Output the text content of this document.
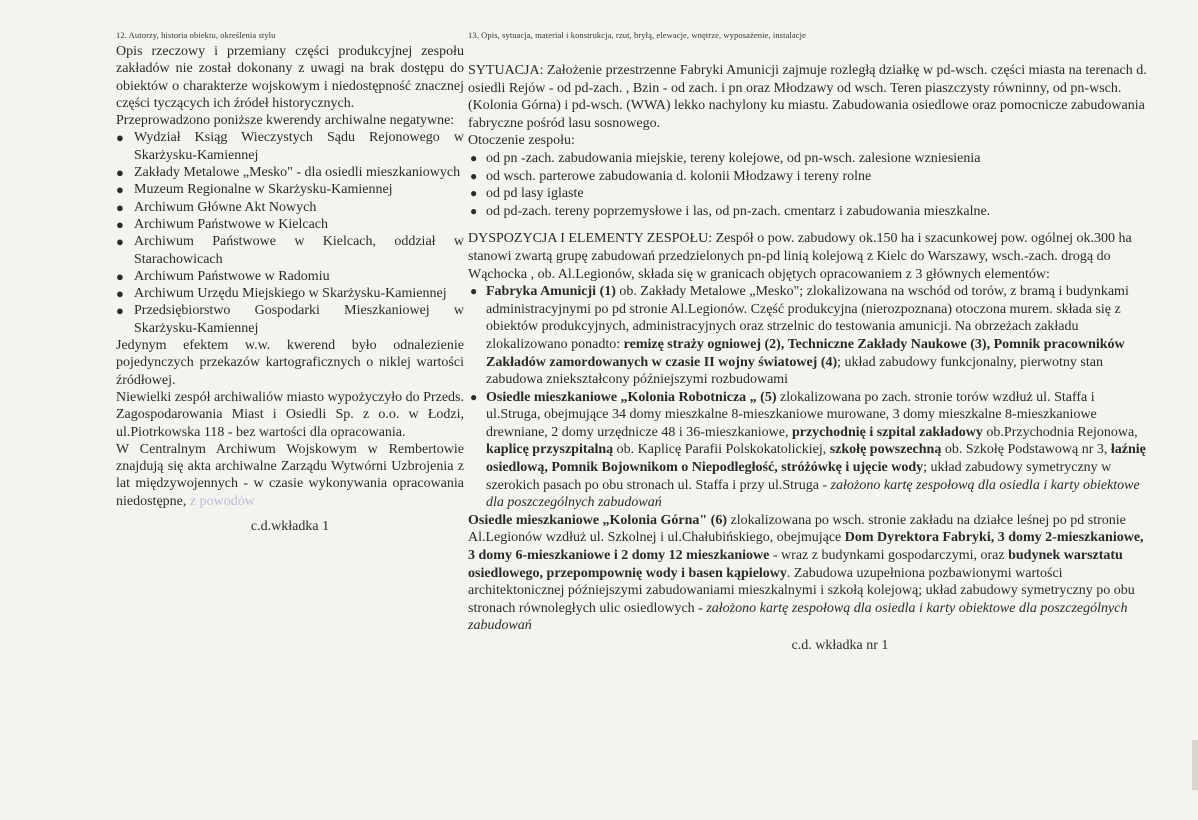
12. Autorzy, historia obiektu, określenia stylu

Opis rzeczowy i przemiany części produkcyjnej zespołu zakładów nie został dokonany z uwagi na brak dostępu do obiektów o charakterze wojskowym i niedostępność znacznej części tyczących ich źródeł historycznych.

Przeprowadzono poniższe kwerendy archiwalne negatywne:

● Wydział Ksiąg Wieczystych Sądu Rejonowego w Skarżysku-Kamiennej
● Zakłady Metalowe „Mesko" - dla osiedli mieszkaniowych
● Muzeum Regionalne w Skarżysku-Kamiennej
● Archiwum Główne Akt Nowych
● Archiwum Państwowe w Kielcach
● Archiwum Państwowe w Kielcach, oddział w Starachowicach
● Archiwum Państwowe w Radomiu
● Archiwum Urzędu Miejskiego w Skarżysku-Kamiennej
● Przedsiębiorstwo Gospodarki Mieszkaniowej w Skarżysku-Kamiennej

Jedynym efektem w.w. kwerend było odnalezienie pojedynczych przekazów kartograficznych o niklej wartości źródłowej.

Niewielki zespół archiwaliów miasto wypożyczyło do Przeds. Zagospodarowania Miast i Osiedli Sp. z o.o. w Łodzi, ul.Piotrkowska 118 - bez wartości dla opracowania.

W Centralnym Archiwum Wojskowym w Rembertowie znajdują się akta archiwalne Zarządu Wytwórni Uzbrojenia z lat międzywojennych - w czasie wykonywania opracowania niedostępne, z powodów

c.d.wkładka 1

13. Opis, sytuacja, materiał i konstrukcja, rzut, bryłą, elewacje, wnętrze, wyposażenie, instalacje

SYTUACJA: Założenie przestrzenne Fabryki Amunicji zajmuje rozległą działkę w pd-wsch. części miasta na terenach d. osiedli Rejów - od pd-zach. , Bzin - od zach. i pn oraz Młodzawy od wsch. Teren piaszczysty równinny, od pn-wsch. (Kolonia Górna) i pd-wsch. (WWA) lekko nachylony ku miastu. Zabudowania osiedlowe oraz pomocnicze zabudowania fabryczne pośród lasu sosnowego.

Otoczenie zespołu:

● od pn -zach. zabudowania miejskie, tereny kolejowe, od pn-wsch. zalesione wzniesienia
● od wsch. parterowe zabudowania d. kolonii Młodzawy i tereny rolne
● od pd lasy iglaste
● od pd-zach. tereny poprzemysłowe i las, od pn-zach. cmentarz i zabudowania mieszkalne.

DYSPOZYCJA I ELEMENTY ZESPOŁU: Zespół o pow. zabudowy ok.150 ha i szacunkowej pow. ogólnej ok.300 ha stanowi zwartą grupę zabudowań przedzielonych pn-pd linią kolejową z Kielc do Warszawy, wsch.-zach. drogą do Wąchocka , ob. Al.Legionów, składa się w granicach objętych opracowaniem z 3 głównych elementów:

● Fabryka Amunicji (1) ob. Zakłady Metalowe „Mesko"; zlokalizowana na wschód od torów, z bramą i budynkami administracyjnymi po pd stronie Al.Legionów. Część produkcyjna (nierozpoznana) otoczona murem. składa się z obiektów produkcyjnych, administracyjnych oraz strzelnic do testowania amunicji. Na obrzeżach zakładu zlokalizowano ponadto: remizę straży ogniowej (2), Techniczne Zakłady Naukowe (3), Pomnik pracowników Zakładów zamordowanych w czasie II wojny światowej (4); układ zabudowy funkcjonalny, pierwotny stan zabudowa zniekształcony późniejszymi rozbudowami
● Osiedle mieszkaniowe „Kolonia Robotnicza „ (5) zlokalizowana po zach. stronie torów wzdłuż ul. Staffa i ul.Struga, obejmujące 34 domy mieszkalne 8-mieszkaniowe murowane, 3 domy mieszkalne 8-mieszkaniowe drewniane, 2 domy urzędnicze 48 i 36-mieszkaniowe, przychodnię i szpital zakładowy ob.Przychodnia Rejonowa, kaplicę przyszpitalną ob. Kaplicę Parafii Polskokatolickiej, szkołę powszechną ob. Szkołę Podstawową nr 3, łaźnię osiedlową, Pomnik Bojownikom o Niepodległość, stróżówkę i ujęcie wody; układ zabudowy symetryczny w szerokich pasach po obu stronach ul. Staffa i przy ul.Struga - założono kartę zespołową dla osiedla i karty obiektowe dla poszczególnych zabudowań

Osiedle mieszkaniowe „Kolonia Górna" (6) zlokalizowana po wsch. stronie zakładu na działce leśnej po pd stronie Al.Legionów wzdłuż ul. Szkolnej i ul.Chałubińskiego, obejmujące Dom Dyrektora Fabryki, 3 domy 2-mieszkaniowe, 3 domy 6-mieszkaniowe i 2 domy 12 mieszkaniowe - wraz z budynkami gospodarczymi, oraz budynek warsztatu osiedlowego, przepompownię wody i basen kąpielowy. Zabudowa uzupełniona pozbawionymi wartości architektonicznej późniejszymi zabudowaniami mieszkalnymi i szkołą kolejową; układ zabudowy symetryczny po obu stronach równoległych ulic osiedlowych - założono kartę zespołową dla osiedla i karty obiektowe dla poszczególnych zabudowań

c.d. wkładka nr 1
